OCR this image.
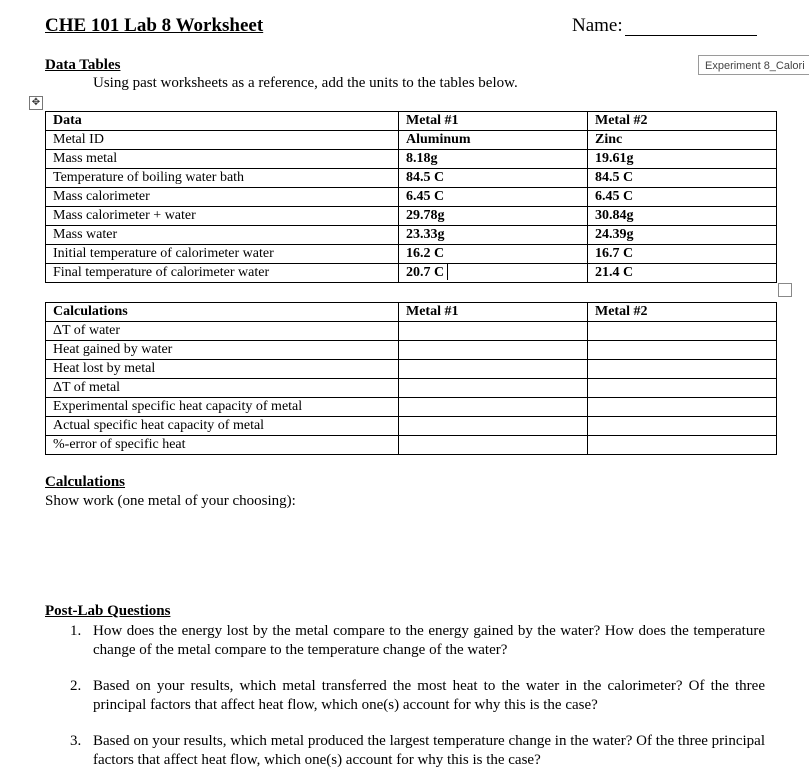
CHE 101 Lab 8 Worksheet	Name:
Experiment 8_Calori
Data Tables
Using past worksheets as a reference, add the units to the tables below.
✥
Data	Metal #1	Metal #2
Metal ID	Aluminum	Zinc
Mass metal	8.18g	19.61g
Temperature of boiling water bath	84.5 C	84.5 C
Mass calorimeter	6.45 C	6.45 C
Mass calorimeter + water	29.78g	30.84g
Mass water	23.33g	24.39g
Initial temperature of calorimeter water	16.2 C	16.7 C
Final temperature of calorimeter water	20.7 C	21.4 C
Calculations	Metal #1	Metal #2
ΔT of water		
Heat gained by water		
Heat lost by metal		
ΔT of metal		
Experimental specific heat capacity of metal		
Actual specific heat capacity of metal		
%-error of specific heat		
Calculations
Show work (one metal of your choosing):
Post-Lab Questions
1. How does the energy lost by the metal compare to the energy gained by the water? How does the temperature change of the metal compare to the temperature change of the water?
2. Based on your results, which metal transferred the most heat to the water in the calorimeter? Of the three principal factors that affect heat flow, which one(s) account for why this is the case?
3. Based on your results, which metal produced the largest temperature change in the water? Of the three principal factors that affect heat flow, which one(s) account for why this is the case?
